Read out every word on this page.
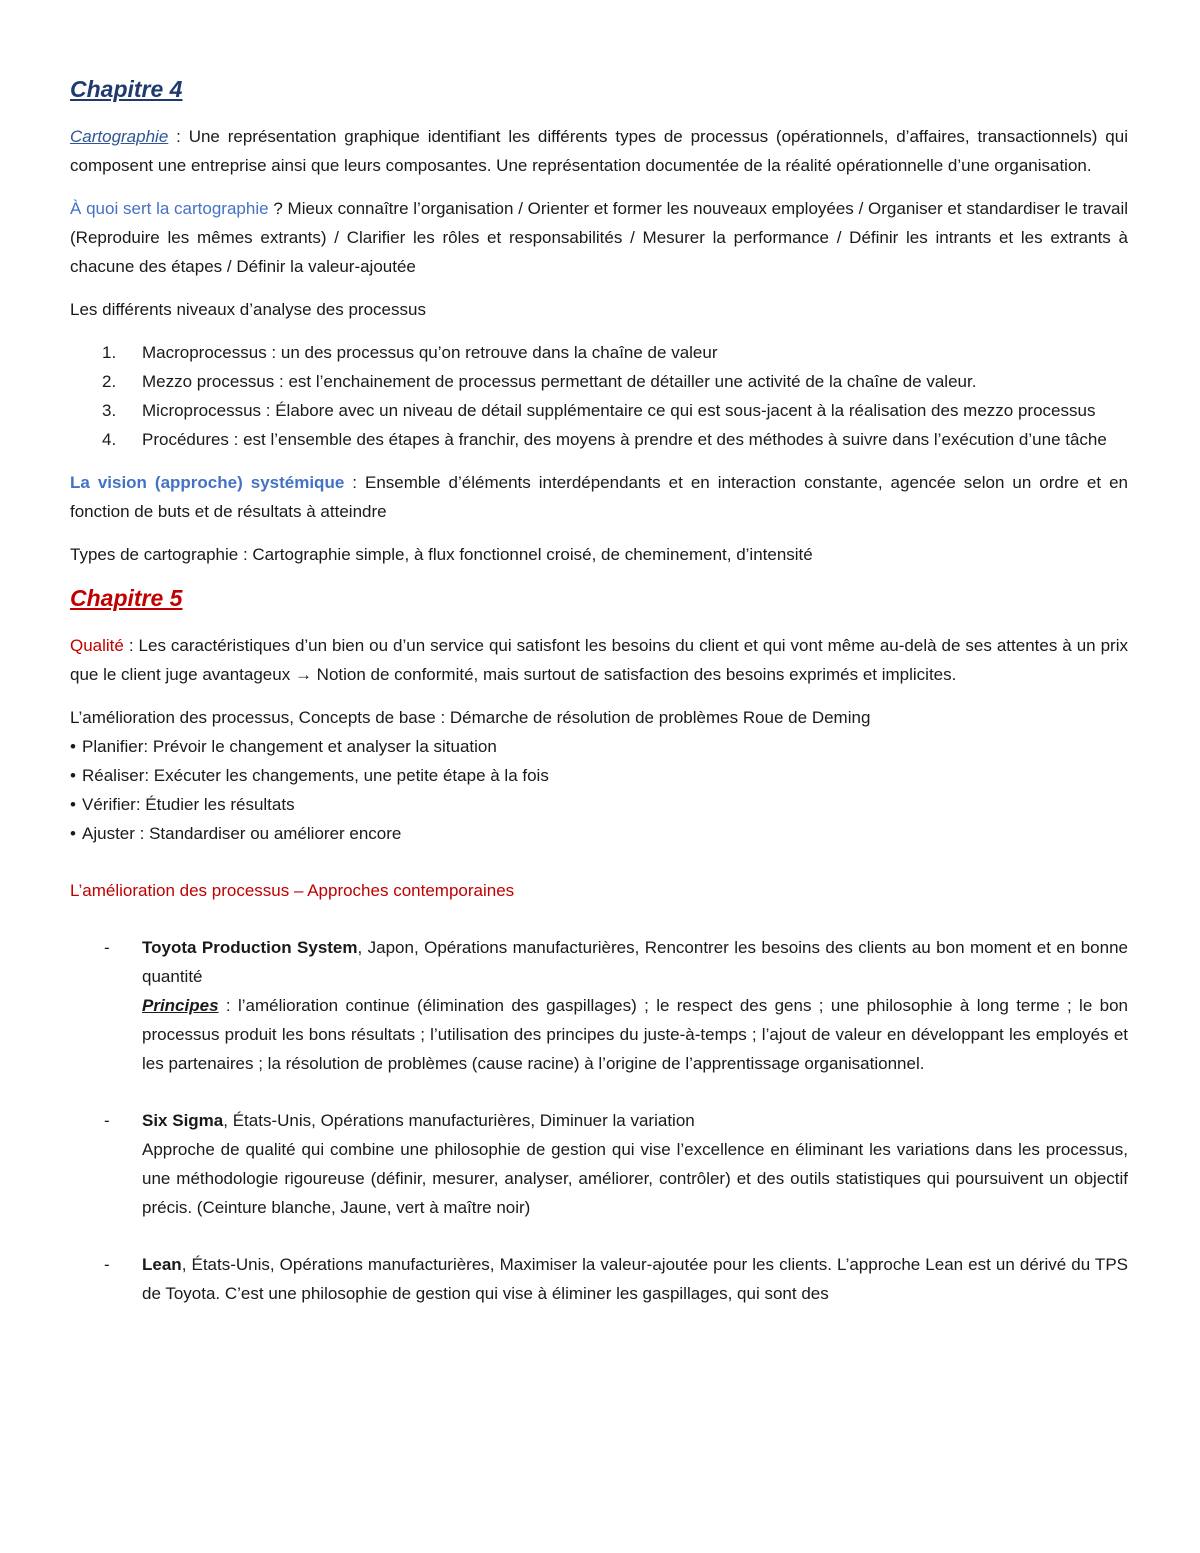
Chapitre 4

Cartographie : Une représentation graphique identifiant les différents types de processus (opérationnels, d’affaires, transactionnels) qui composent une entreprise ainsi que leurs composantes. Une représentation documentée de la réalité opérationnelle d’une organisation.

À quoi sert la cartographie ? Mieux connaître l’organisation / Orienter et former les nouveaux employées / Organiser et standardiser le travail (Reproduire les mêmes extrants) / Clarifier les rôles et responsabilités / Mesurer la performance / Définir les intrants et les extrants à chacune des étapes / Définir la valeur-ajoutée

Les différents niveaux d’analyse des processus

1.	Macroprocessus : un des processus qu’on retrouve dans la chaîne de valeur
2.	Mezzo processus : est l’enchainement de processus permettant de détailler une activité de la chaîne de valeur.
3.	Microprocessus : Élabore avec un niveau de détail supplémentaire ce qui est sous-jacent à la réalisation des mezzo processus
4.	Procédures : est l’ensemble des étapes à franchir, des moyens à prendre et des méthodes à suivre dans l’exécution d’une tâche

La vision (approche) systémique : Ensemble d’éléments interdépendants et en interaction constante, agencée selon un ordre et en fonction de buts et de résultats à atteindre

Types de cartographie : Cartographie simple, à flux fonctionnel croisé, de cheminement, d’intensité

Chapitre 5

Qualité : Les caractéristiques d’un bien ou d’un service qui satisfont les besoins du client et qui vont même au-delà de ses attentes à un prix que le client juge avantageux → Notion de conformité, mais surtout de satisfaction des besoins exprimés et implicites.

L’amélioration des processus, Concepts de base : Démarche de résolution de problèmes Roue de Deming

• Planifier: Prévoir le changement et analyser la situation

• Réaliser: Exécuter les changements, une petite étape à la fois

• Vérifier: Étudier les résultats

• Ajuster : Standardiser ou améliorer encore

L’amélioration des processus – Approches contemporaines

- Toyota Production System, Japon, Opérations manufacturières, Rencontrer les besoins des clients au bon moment et en bonne quantité

Principes : l’amélioration continue (élimination des gaspillages) ; le respect des gens ; une philosophie à long terme ; le bon processus produit les bons résultats ; l’utilisation des principes du juste-à-temps ; l’ajout de valeur en développant les employés et les partenaires ; la résolution de problèmes (cause racine) à l’origine de l’apprentissage organisationnel.

- Six Sigma, États-Unis, Opérations manufacturières, Diminuer la variation

Approche de qualité qui combine une philosophie de gestion qui vise l’excellence en éliminant les variations dans les processus, une méthodologie rigoureuse (définir, mesurer, analyser, améliorer, contrôler) et des outils statistiques qui poursuivent un objectif précis. (Ceinture blanche, Jaune, vert à maître noir)

- Lean, États-Unis, Opérations manufacturières, Maximiser la valeur-ajoutée pour les clients. L’approche Lean est un dérivé du TPS de Toyota. C’est une philosophie de gestion qui vise à éliminer les gaspillages, qui sont des
